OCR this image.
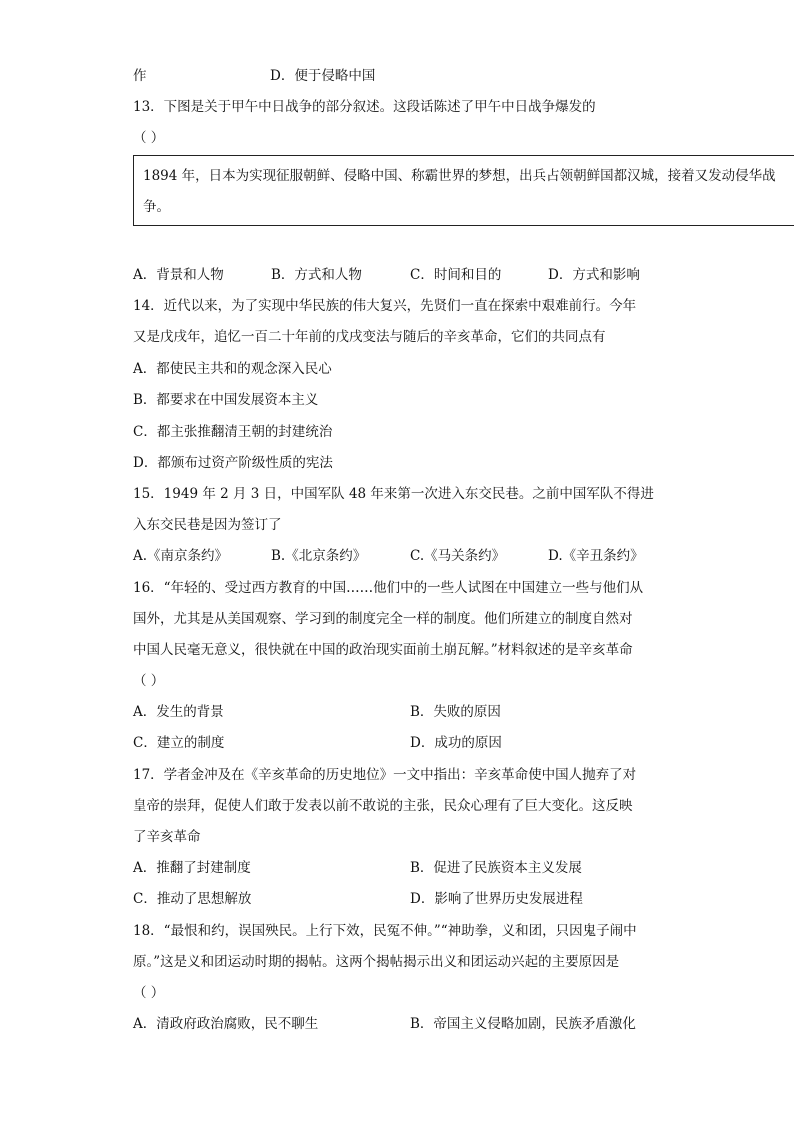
作	D．便于侵略中国
13．下图是关于甲午中日战争的部分叙述。这段话陈述了甲午中日战争爆发的
（ ）
1894 年，日本为实现征服朝鲜、侵略中国、称霸世界的梦想，出兵占领朝鲜国都汉城，接着又发动侵华战
争。
A．背景和人物	B．方式和人物	C．时间和目的	D．方式和影响
14．近代以来，为了实现中华民族的伟大复兴，先贤们一直在探索中艰难前行。今年
又是戊戌年，追忆一百二十年前的戊戌变法与随后的辛亥革命，它们的共同点有
A．都使民主共和的观念深入民心
B．都要求在中国发展资本主义
C．都主张推翻清王朝的封建统治
D．都颁布过资产阶级性质的宪法
15．1949 年 2 月 3 日，中国军队 48 年来第一次进入东交民巷。之前中国军队不得进
入东交民巷是因为签订了
A.《南京条约》	B.《北京条约》	C.《马关条约》	D.《辛丑条约》
16．“年轻的、受过西方教育的中国……他们中的一些人试图在中国建立一些与他们从
国外，尤其是从美国观察、学习到的制度完全一样的制度。他们所建立的制度自然对
中国人民毫无意义，很快就在中国的政治现实面前土崩瓦解。”材料叙述的是辛亥革命
（ ）
A．发生的背景	B．失败的原因
C．建立的制度	D．成功的原因
17．学者金冲及在《辛亥革命的历史地位》一文中指出：辛亥革命使中国人抛弃了对
皇帝的崇拜，促使人们敢于发表以前不敢说的主张，民众心理有了巨大变化。这反映
了辛亥革命
A．推翻了封建制度	B．促进了民族资本主义发展
C．推动了思想解放	D．影响了世界历史发展进程
18．“最恨和约，误国殃民。上行下效，民冤不伸。”“神助拳，义和团，只因鬼子闹中
原。”这是义和团运动时期的揭帖。这两个揭帖揭示出义和团运动兴起的主要原因是
（ ）
A．清政府政治腐败，民不聊生	B．帝国主义侵略加剧，民族矛盾激化
